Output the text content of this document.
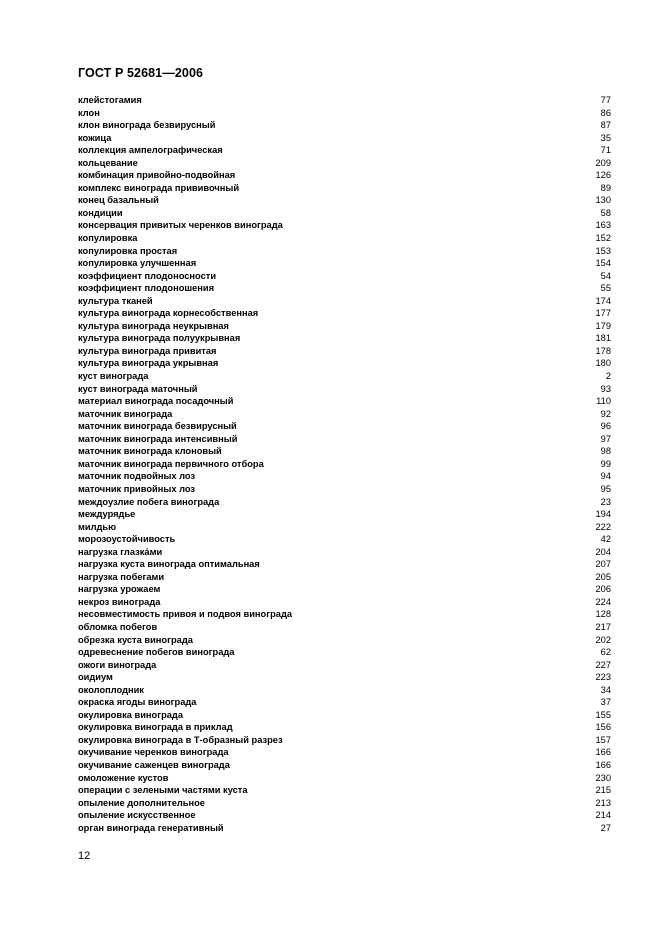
ГОСТ Р 52681—2006
клейстогамия	77
клон	86
клон винограда безвирусный	87
кожица	35
коллекция ампелографическая	71
кольцевание	209
комбинация привойно-подвойная	126
комплекс винограда прививочный	89
конец базальный	130
кондиции	58
консервация привитых черенков винограда	163
копулировка	152
копулировка простая	153
копулировка улучшенная	154
коэффициент плодоносности	54
коэффициент плодоношения	55
культура тканей	174
культура винограда корнесобственная	177
культура винограда неукрывная	179
культура винограда полуукрывная	181
культура винограда привитая	178
культура винограда укрывная	180
куст винограда	2
куст винограда маточный	93
материал винограда посадочный	110
маточник винограда	92
маточник винограда безвирусный	96
маточник винограда интенсивный	97
маточник винограда клоновый	98
маточник винограда первичного отбора	99
маточник подвойных лоз	94
маточник привойных лоз	95
междоузлие побега винограда	23
междурядье	194
милдью	222
морозоустойчивость	42
нагрузка глазка́ми	204
нагрузка куста винограда оптимальная	207
нагрузка побегами	205
нагрузка урожаем	206
некроз винограда	224
несовместимость привоя и подвоя винограда	128
обломка побегов	217
обрезка куста винограда	202
одревеснение побегов винограда	62
ожоги винограда	227
оидиум	223
околоплодник	34
окраска ягоды винограда	37
окулировка винограда	155
окулировка винограда в приклад	156
окулировка винограда в Т-образный разрез	157
окучивание черенков винограда	166
окучивание саженцев винограда	166
омоложение кустов	230
операции с зелеными частями куста	215
опыление дополнительное	213
опыление искусственное	214
орган винограда генеративный	27
12
